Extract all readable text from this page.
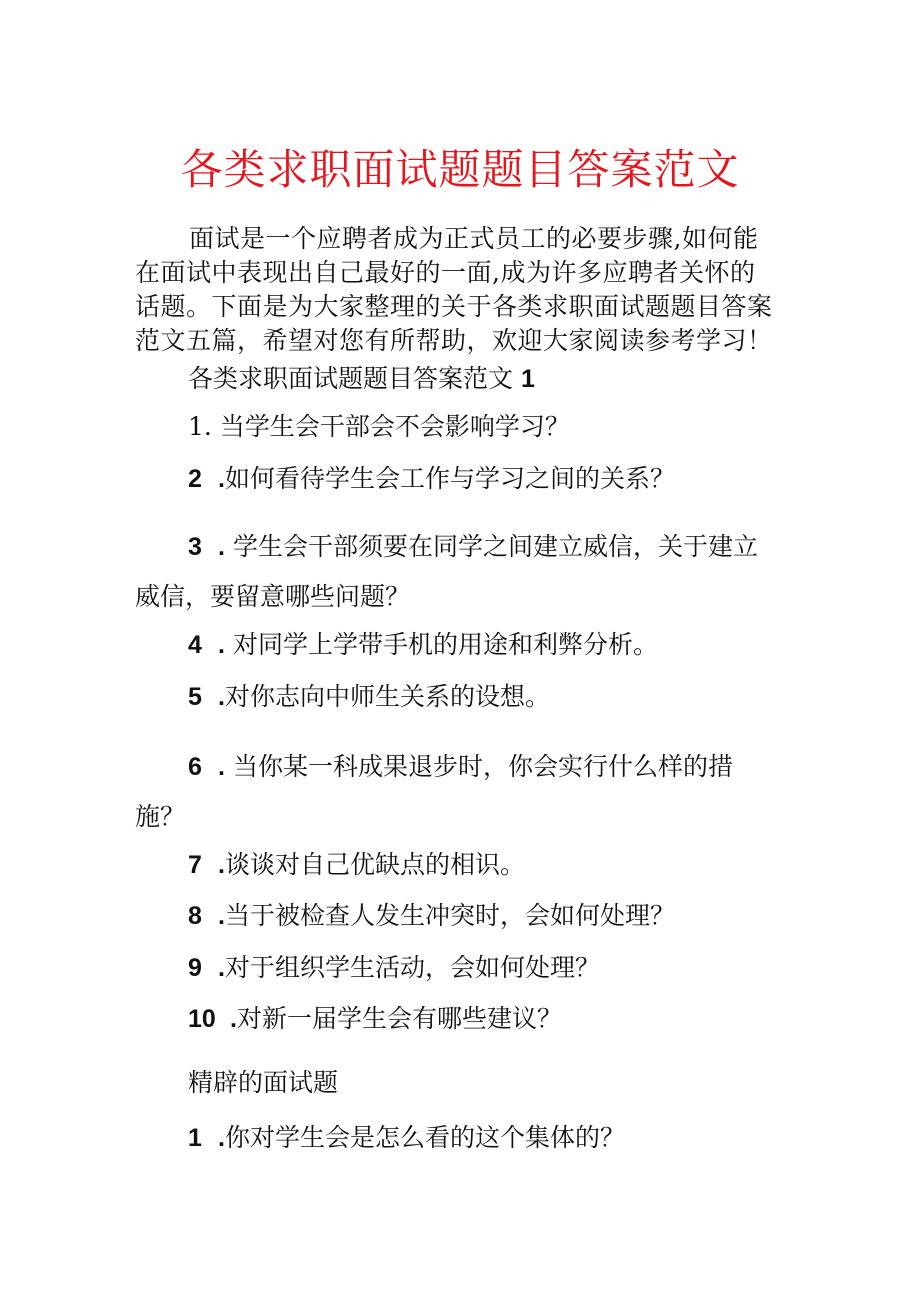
各类求职面试题题目答案范文
面试是一个应聘者成为正式员工的必要步骤,如何能
在面试中表现出自己最好的一面,成为许多应聘者关怀的
话题。下面是为大家整理的关于各类求职面试题题目答案
范文五篇，希望对您有所帮助，欢迎大家阅读参考学习！
各类求职面试题题目答案范文 1
1. 当学生会干部会不会影响学习？
2 .如何看待学生会工作与学习之间的关系？
3 . 学生会干部须要在同学之间建立威信，关于建立
威信，要留意哪些问题？
4 . 对同学上学带手机的用途和利弊分析。
5 .对你志向中师生关系的设想。
6 . 当你某一科成果退步时，你会实行什么样的措
施？
7 .谈谈对自己优缺点的相识。
8 .当于被检查人发生冲突时，会如何处理？
9 .对于组织学生活动，会如何处理？
10 .对新一届学生会有哪些建议？
精辟的面试题
1 .你对学生会是怎么看的这个集体的？
